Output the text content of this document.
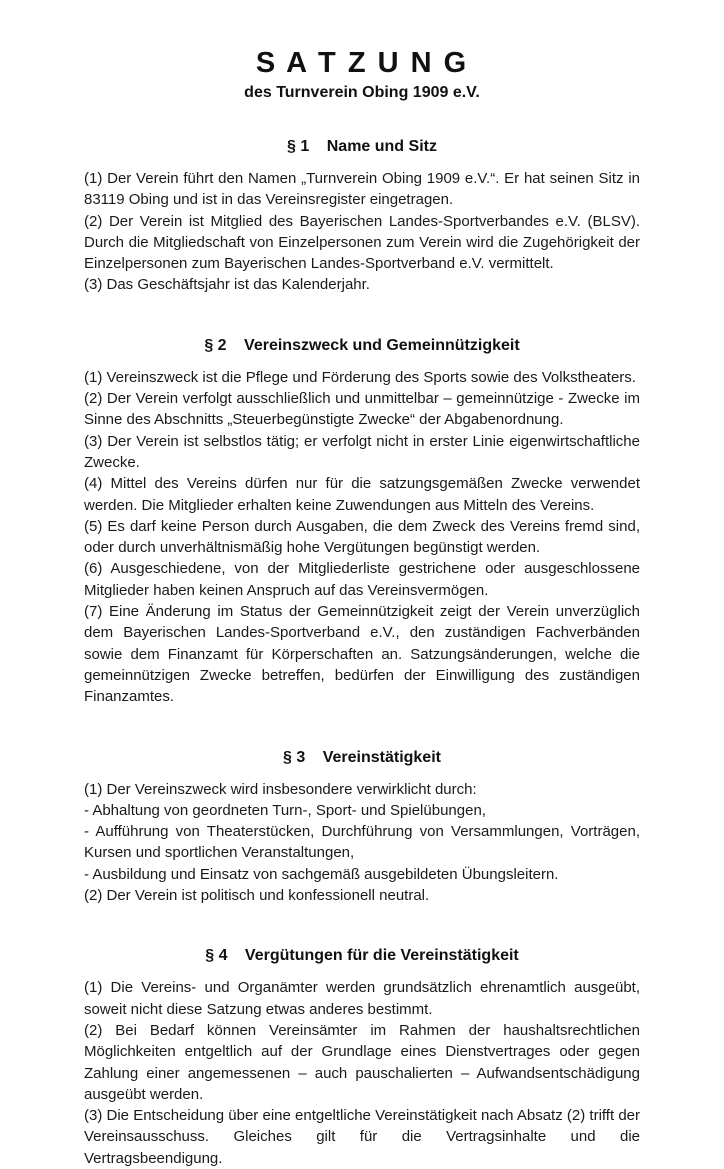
S A T Z U N G

des Turnverein Obing 1909 e.V.

§ 1 Name und Sitz

(1) Der Verein führt den Namen „Turnverein Obing 1909 e.V.“. Er hat seinen Sitz in 83119 Obing und ist in das Vereinsregister eingetragen.

(2) Der Verein ist Mitglied des Bayerischen Landes-Sportverbandes e.V. (BLSV). Durch die Mitgliedschaft von Einzelpersonen zum Verein wird die Zugehörigkeit der Einzelpersonen zum Bayerischen Landes-Sportverband e.V. vermittelt.

(3) Das Geschäftsjahr ist das Kalenderjahr.

§ 2 Vereinszweck und Gemeinnützigkeit

(1) Vereinszweck ist die Pflege und Förderung des Sports sowie des Volkstheaters.

(2) Der Verein verfolgt ausschließlich und unmittelbar – gemeinnützige - Zwecke im Sinne des Abschnitts „Steuerbegünstigte Zwecke“ der Abgabenordnung.

(3) Der Verein ist selbstlos tätig; er verfolgt nicht in erster Linie eigenwirtschaftliche Zwecke.

(4) Mittel des Vereins dürfen nur für die satzungsgemäßen Zwecke verwendet werden. Die Mitglieder erhalten keine Zuwendungen aus Mitteln des Vereins.

(5) Es darf keine Person durch Ausgaben, die dem Zweck des Vereins fremd sind, oder durch unverhältnismäßig hohe Vergütungen begünstigt werden.

(6) Ausgeschiedene, von der Mitgliederliste gestrichene oder ausgeschlossene Mitglieder haben keinen Anspruch auf das Vereinsvermögen.

(7) Eine Änderung im Status der Gemeinnützigkeit zeigt der Verein unverzüglich dem Bayerischen Landes-Sportverband e.V., den zuständigen Fachverbänden sowie dem Finanzamt für Körperschaften an. Satzungsänderungen, welche die gemeinnützigen Zwecke betreffen, bedürfen der Einwilligung des zuständigen Finanzamtes.

§ 3 Vereinstätigkeit

(1) Der Vereinszweck wird insbesondere verwirklicht durch:

- Abhaltung von geordneten Turn-, Sport- und Spielübungen,

- Aufführung von Theaterstücken, Durchführung von Versammlungen, Vorträgen, Kursen und sportlichen Veranstaltungen,

- Ausbildung und Einsatz von sachgemäß ausgebildeten Übungsleitern.

(2) Der Verein ist politisch und konfessionell neutral.

§ 4 Vergütungen für die Vereinstätigkeit

(1) Die Vereins- und Organämter werden grundsätzlich ehrenamtlich ausgeübt, soweit nicht diese Satzung etwas anderes bestimmt.

(2) Bei Bedarf können Vereinsämter im Rahmen der haushaltsrechtlichen Möglichkeiten entgeltlich auf der Grundlage eines Dienstvertrages oder gegen Zahlung einer angemessenen – auch pauschalierten – Aufwandsentschädigung ausgeübt werden.

(3) Die Entscheidung über eine entgeltliche Vereinstätigkeit nach Absatz (2) trifft der Vereinsausschuss. Gleiches gilt für die Vertragsinhalte und die Vertragsbeendigung.
